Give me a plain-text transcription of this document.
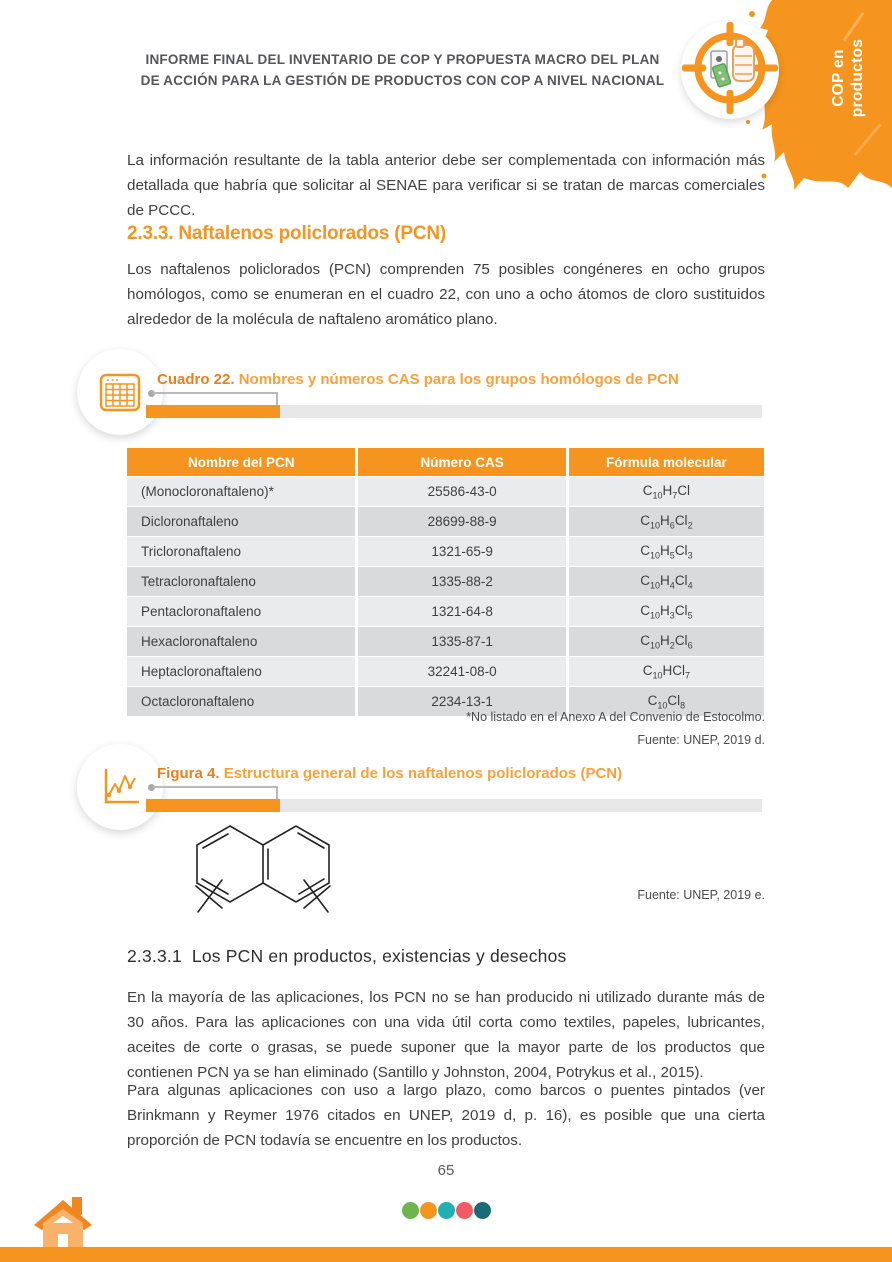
COP en productos
INFORME FINAL DEL INVENTARIO DE COP Y PROPUESTA MACRO DEL PLAN
DE ACCIÓN PARA LA GESTIÓN DE PRODUCTOS CON COP A NIVEL NACIONAL

La información resultante de la tabla anterior debe ser complementada con información más detallada que habría que solicitar al SENAE para verificar si se tratan de marcas comerciales de PCCC.

2.3.3. Naftalenos policlorados (PCN)

Los naftalenos policlorados (PCN) comprenden 75 posibles congéneres en ocho grupos homólogos, como se enumeran en el cuadro 22, con uno a ocho átomos de cloro sustituidos alrededor de la molécula de naftaleno aromático plano.

Cuadro 22. Nombres y números CAS para los grupos homólogos de PCN
Nombre del PCN	Número CAS	Fórmula molecular
(Monocloronaftaleno)*	25586-43-0	$C_{10}H_7Cl$
Dicloronaftaleno	28699-88-9	$C_{10}H_6Cl_2$
Tricloronaftaleno	1321-65-9	$C_{10}H_5Cl_3$
Tetracloronaftaleno	1335-88-2	$C_{10}H_4Cl_4$
Pentacloronaftaleno	1321-64-8	$C_{10}H_3Cl_5$
Hexacloronaftaleno	1335-87-1	$C_{10}H_2Cl_6$
Heptacloronaftaleno	32241-08-0	$C_{10}HCl_7$
Octacloronaftaleno	2234-13-1	$C_{10}Cl_8$
*No listado en el Anexo A del Convenio de Estocolmo.
Fuente: UNEP, 2019 d.
Figura 4. Estructura general de los naftalenos policlorados (PCN)
Fuente: UNEP, 2019 e.
2.3.3.1 Los PCN en productos, existencias y desechos

En la mayoría de las aplicaciones, los PCN no se han producido ni utilizado durante más de 30 años. Para las aplicaciones con una vida útil corta como textiles, papeles, lubricantes, aceites de corte o grasas, se puede suponer que la mayor parte de los productos que contienen PCN ya se han eliminado (Santillo y Johnston, 2004, Potrykus et al., 2015).

Para algunas aplicaciones con uso a largo plazo, como barcos o puentes pintados (ver Brinkmann y Reymer 1976 citados en UNEP, 2019 d, p. 16), es posible que una cierta proporción de PCN todavía se encuentre en los productos.

65
